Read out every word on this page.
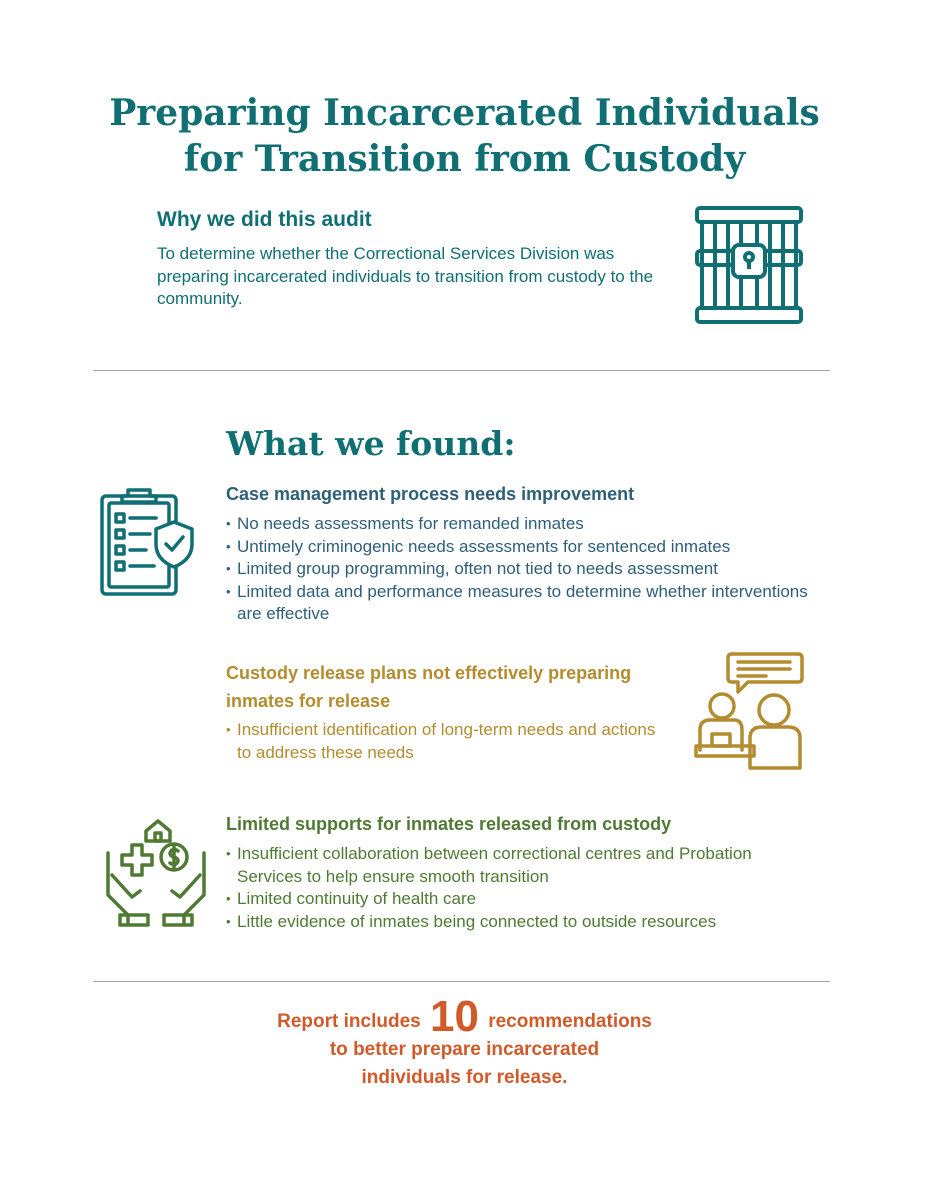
Preparing Incarcerated Individuals
for Transition from Custody
Why we did this audit
To determine whether the Correctional Services Division was preparing incarcerated individuals to transition from custody to the community.
What we found:
Case management process needs improvement
• No needs assessments for remanded inmates
• Untimely criminogenic needs assessments for sentenced inmates
• Limited group programming, often not tied to needs assessment
• Limited data and performance measures to determine whether interventions are effective
Custody release plans not effectively preparing inmates for release
• Insufficient identification of long-term needs and actions to address these needs
Limited supports for inmates released from custody
• Insufficient collaboration between correctional centres and Probation Services to help ensure smooth transition
• Limited continuity of health care
• Little evidence of inmates being connected to outside resources
Report includes 10 recommendations
to better prepare incarcerated
individuals for release.
